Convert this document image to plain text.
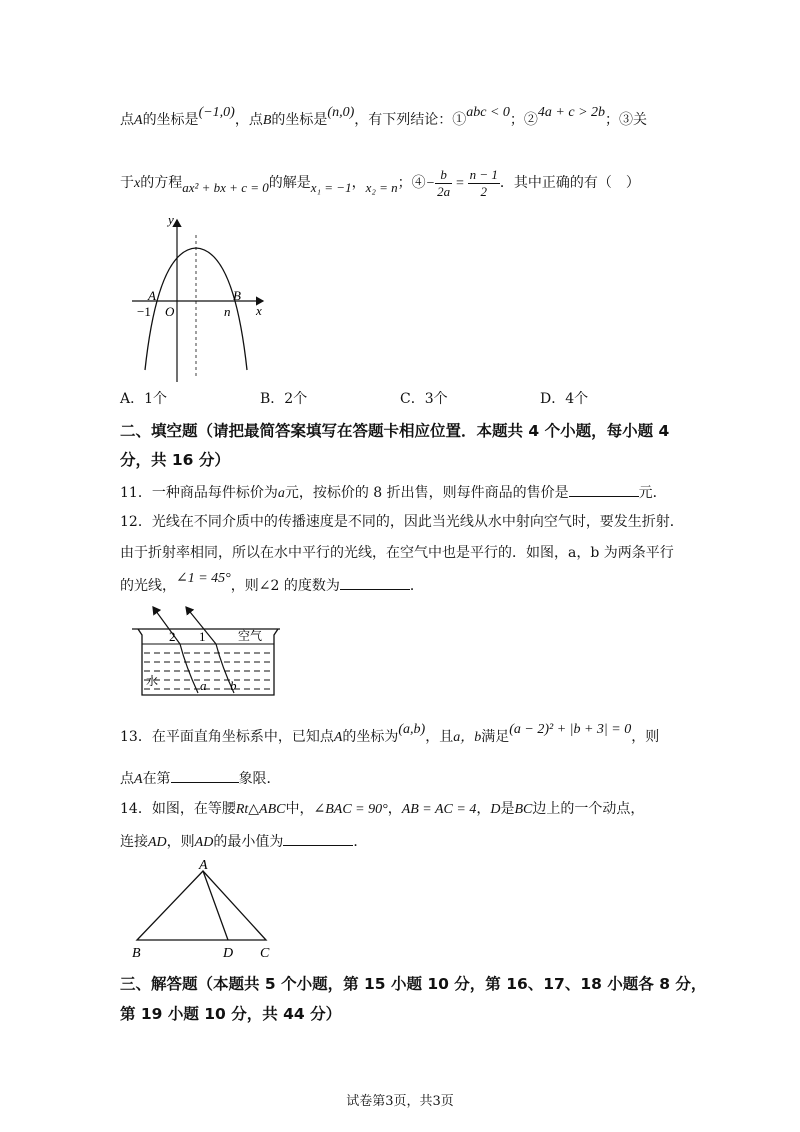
点A的坐标是(−1,0)，点B的坐标是(n,0)，有下列结论：①abc < 0；②4a + c > 2b；③关
于x的方程ax² + bx + c = 0的解是x₁ = −1，x₂ = n；④− $\frac{b}{2a} = \frac{n - 1}{2}$ ．其中正确的有（　）
y
x
A	B
−1 O	n
A．1个	B．2个	C．3个	D．4个
二、填空题（请把最简答案填写在答题卡相应位置．本题共 4 个小题，每小题 4
分，共 16 分）
11．一种商品每件标价为a元，按标价的 8 折出售，则每件商品的售价是	元．
12．光线在不同介质中的传播速度是不同的，因此当光线从水中射向空气时，要发生折射．
由于折射率相同，所以在水中平行的光线，在空气中也是平行的．如图，a，b 为两条平行
的光线，∠1 = 45°，则∠2 的度数为	．
2 1	空气
水	a b
13．在平面直角坐标系中，已知点A的坐标为(a,b)，且a，b满足(a − 2)² + |b + 3| = 0，则
点A在第	象限．
14．如图，在等腰Rt△ABC中，∠BAC = 90°，AB = AC = 4，D是BC边上的一个动点，
连接AD，则AD的最小值为	．
A
B	D C
三、解答题（本题共 5 个小题，第 15 小题 10 分，第 16、17、18 小题各 8 分，
第 19 小题 10 分，共 44 分）
试卷第3页，共3页
